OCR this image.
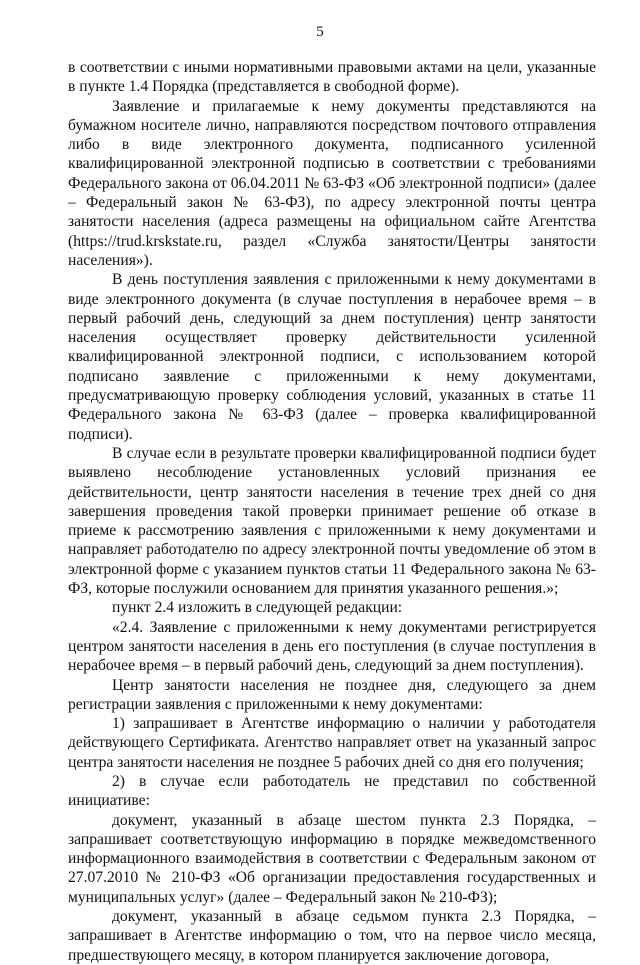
5

в соответствии с иными нормативными правовыми актами на цели, указанные в пункте 1.4 Порядка (представляется в свободной форме).

Заявление и прилагаемые к нему документы представляются на бумажном носителе лично, направляются посредством почтового отправления либо в виде электронного документа, подписанного усиленной квалифицированной электронной подписью в соответствии с требованиями Федерального закона от 06.04.2011 № 63-ФЗ «Об электронной подписи» (далее – Федеральный закон № 63-ФЗ), по адресу электронной почты центра занятости населения (адреса размещены на официальном сайте Агентства (https://trud.krskstate.ru, раздел «Служба занятости/Центры занятости населения»).

В день поступления заявления с приложенными к нему документами в виде электронного документа (в случае поступления в нерабочее время – в первый рабочий день, следующий за днем поступления) центр занятости населения осуществляет проверку действительности усиленной квалифицированной электронной подписи, с использованием которой подписано заявление с приложенными к нему документами, предусматривающую проверку соблюдения условий, указанных в статье 11 Федерального закона № 63-ФЗ (далее – проверка квалифицированной подписи).

В случае если в результате проверки квалифицированной подписи будет выявлено несоблюдение установленных условий признания ее действительности, центр занятости населения в течение трех дней со дня завершения проведения такой проверки принимает решение об отказе в приеме к рассмотрению заявления с приложенными к нему документами и направляет работодателю по адресу электронной почты уведомление об этом в электронной форме с указанием пунктов статьи 11 Федерального закона № 63-ФЗ, которые послужили основанием для принятия указанного решения.»;

пункт 2.4 изложить в следующей редакции:

«2.4. Заявление с приложенными к нему документами регистрируется центром занятости населения в день его поступления (в случае поступления в нерабочее время – в первый рабочий день, следующий за днем поступления).

Центр занятости населения не позднее дня, следующего за днем регистрации заявления с приложенными к нему документами:

1) запрашивает в Агентстве информацию о наличии у работодателя действующего Сертификата. Агентство направляет ответ на указанный запрос центра занятости населения не позднее 5 рабочих дней со дня его получения;

2) в случае если работодатель не представил по собственной инициативе:

документ, указанный в абзаце шестом пункта 2.3 Порядка, – запрашивает соответствующую информацию в порядке межведомственного информационного взаимодействия в соответствии с Федеральным законом от 27.07.2010 № 210-ФЗ «Об организации предоставления государственных и муниципальных услуг» (далее – Федеральный закон № 210-ФЗ);

документ, указанный в абзаце седьмом пункта 2.3 Порядка, – запрашивает в Агентстве информацию о том, что на первое число месяца, предшествующего месяцу, в котором планируется заключение договора,
